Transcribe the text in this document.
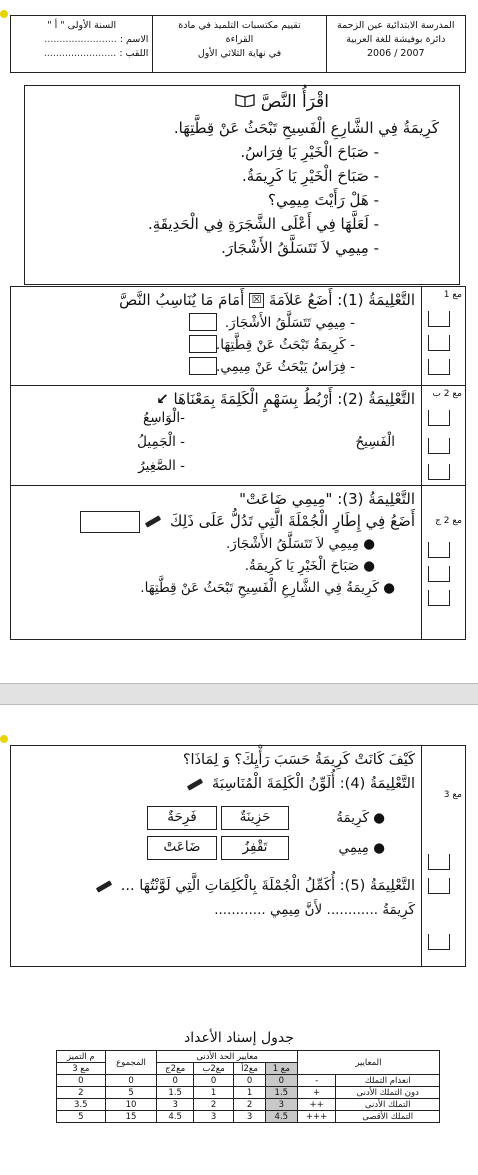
المدرسة الابتدائية عين الزحمة
دائرة بوفيشة للغة العربية
2007 / 2006
تقييم مكتسبات التلميذ في مادة
القراءة
في نهاية الثلاثي الأول
السنة الأولى " أ "
الاسم : ........................
اللقب : ........................
اقْرَأُ النَّصَّ
كَرِيمَةُ فِي الشَّارِعِ الْفَسِيحِ تَبْحَثُ عَنْ قِطَّتِهَا.
- صَبَاحَ الْخَيْرِ يَا فِرَاسُ.
- صَبَاحَ الْخَيْرِ يَا كَرِيمَةُ.
- هَلْ رَأَيْتَ مِيمِي؟
- لَعَلَّهَا فِي أَعْلَى الشَّجَرَةِ فِي الْحَدِيقَةِ.
- مِيمِي لاَ تَتَسَلَّقُ الأَشْجَارَ.
مع 1
التَّعْلِيمَةُ (1): أَضَعُ عَلاَمَةَ ☒ أَمَامَ مَا يُنَاسِبُ النَّصَّ
- مِيمِي تَتَسَلَّقُ الأَشْجَارَ.
- كَرِيمَةُ تَبْحَثُ عَنْ قِطَّتِهَا.
- فِرَاسُ يَبْحَثُ عَنْ مِيمِي.
مع 2 ب
التَّعْلِيمَةُ (2): أَرْبُطُ بِسَهْمٍ الْكَلِمَةَ بِمَعْنَاهَا ↙
الْفَسِيحُ
-الْوَاسِعُ
- الْجَمِيلُ
- الصَّغِيرُ
مع 2 ج
التَّعْلِيمَةُ (3): "مِيمِي ضَاعَتْ"
أَضَعُ فِي إِطَارٍ الْجُمْلَةَ الَّتِي تَدُلُّ عَلَى ذَلِكَ
● مِيمِي لاَ تَتَسَلَّقُ الأَشْجَارَ.
● صَبَاحَ الْخَيْرِ يَا كَرِيمَةُ.
● كَرِيمَةُ فِي الشَّارِعِ الْفَسِيحِ تَبْحَثُ عَنْ قِطَّتِهَا.
مع 3
كَيْفَ كَانَتْ كَرِيمَةُ حَسَبَ رَأْيِكَ؟ وَ لِمَاذَا؟
التَّعْلِيمَةُ (4): أُلَوِّنُ الْكَلِمَةَ الْمُنَاسِبَةَ
● كَرِيمَةُ
حَزِينَةٌ
فَرِحَةٌ
● مِيمِي
تَقْفِزُ
ضَاعَتْ
التَّعْلِيمَةُ (5): أُكَمِّلُ الْجُمْلَةَ بِالْكَلِمَاتِ الَّتِي لَوَّنْتُهَا ...
كَرِيمَةُ ............ لأَنَّ مِيمِي ............
جدول إسناد الأعداد
المعايير		معايير الحد الأدنى				المجموع	م التميز
		مع 1	مع2أ	مع2ب	مع2ج		مع 3
انعدام التملك	-	0	0	0	0	0	0
دون التملك الأدنى	+	1.5	1	1	1.5	5	2
التملك الأدنى	++	3	2	2	3	10	3.5
التملك الأقصى	+++	4.5	3	3	4.5	15	5
